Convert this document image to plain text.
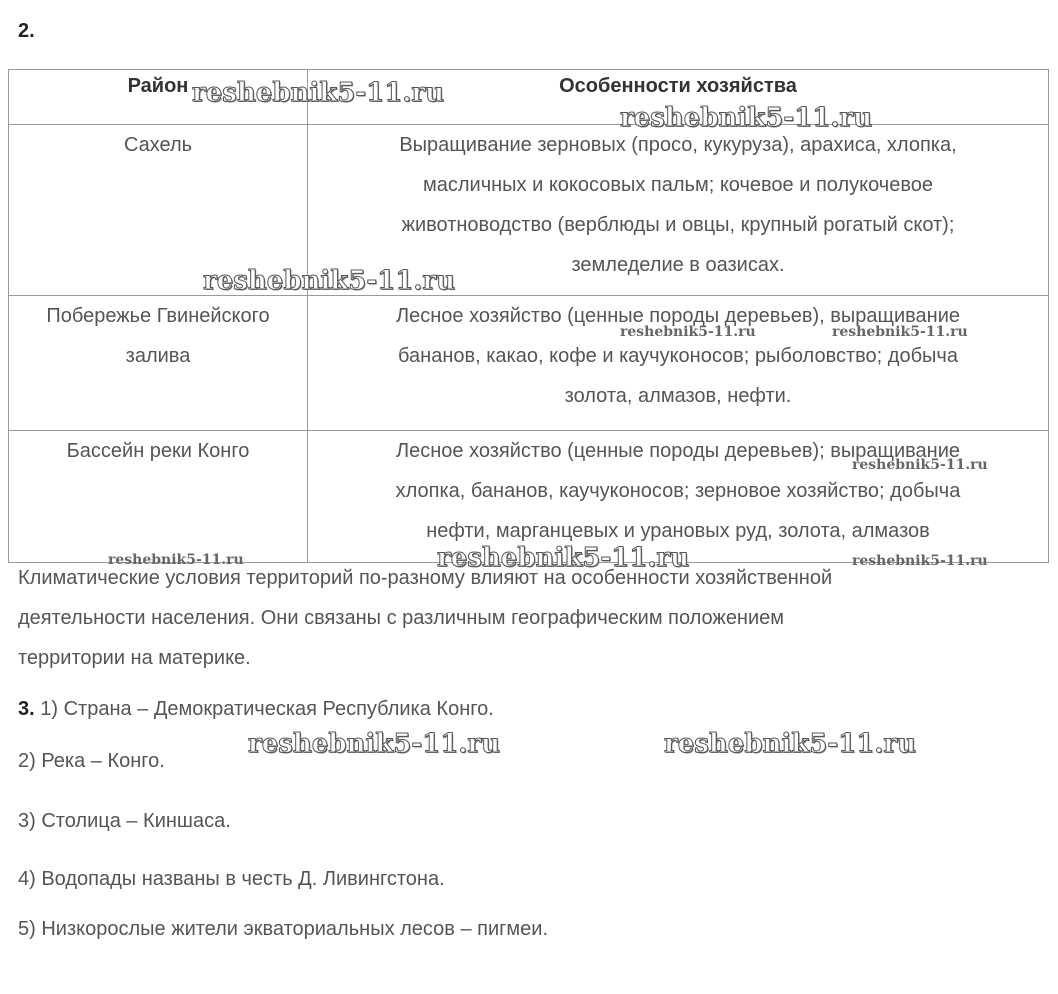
2.
Район	Особенности хозяйства

Сахель	Выращивание зерновых (просо, кукуруза), арахиса, хлопка,
масличных и кокосовых пальм; кочевое и полукочевое
животноводство (верблюды и овцы, крупный рогатый скот);
земледелие в оазисах.

Побережье Гвинейского
залива	Лесное хозяйство (ценные породы деревьев), выращивание
бананов, какао, кофе и каучуконосов; рыболовство; добыча
золота, алмазов, нефти.

Бассейн реки Конго	Лесное хозяйство (ценные породы деревьев); выращивание
хлопка, бананов, каучуконосов; зерновое хозяйство; добыча
нефти, марганцевых и урановых руд, золота, алмазов
Климатические условия территорий по-разному влияют на особенности хозяйственной
деятельности населения. Они связаны с различным географическим положением
территории на материке.
3. 1) Страна – Демократическая Республика Конго.
2) Река – Конго.
3) Столица – Киншаса.
4) Водопады названы в честь Д. Ливингстона.
5) Низкорослые жители экваториальных лесов – пигмеи.
reshebnik5-11.ru
reshebnik5-11.ru
reshebnik5-11.ru
reshebnik5-11.ru	reshebnik5-11.ru
reshebnik5-11.ru
reshebnik5-11.ru	reshebnik5-11.ru	reshebnik5-11.ru
reshebnik5-11.ru	reshebnik5-11.ru
